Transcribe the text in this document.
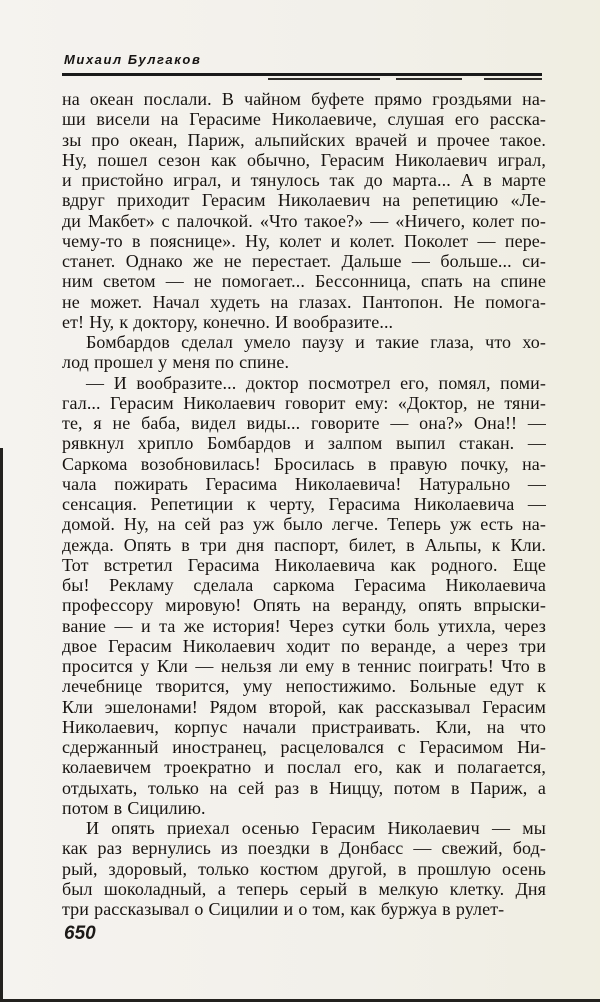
Михаил Булгаков
на океан послали. В чайном буфете прямо гроздьями на-
ши висели на Герасиме Николаевиче, слушая его расска-
зы про океан, Париж, альпийских врачей и прочее такое.
Ну, пошел сезон как обычно, Герасим Николаевич играл,
и пристойно играл, и тянулось так до марта... А в марте
вдруг приходит Герасим Николаевич на репетицию «Ле-
ди Макбет» с палочкой. «Что такое?» — «Ничего, колет по-
чему-то в пояснице». Ну, колет и колет. Поколет — пере-
станет. Однако же не перестает. Дальше — больше... си-
ним светом — не помогает... Бессонница, спать на спине
не может. Начал худеть на глазах. Пантопон. Не помога-
ет! Ну, к доктору, конечно. И вообразите...
Бомбардов сделал умело паузу и такие глаза, что хо-
лод прошел у меня по спине.
— И вообразите... доктор посмотрел его, помял, поми-
гал... Герасим Николаевич говорит ему: «Доктор, не тяни-
те, я не баба, видел виды... говорите — она?» Она!! —
рявкнул хрипло Бомбардов и залпом выпил стакан. —
Саркома возобновилась! Бросилась в правую почку, на-
чала пожирать Герасима Николаевича! Натурально —
сенсация. Репетиции к черту, Герасима Николаевича —
домой. Ну, на сей раз уж было легче. Теперь уж есть на-
дежда. Опять в три дня паспорт, билет, в Альпы, к Кли.
Тот встретил Герасима Николаевича как родного. Еще
бы! Рекламу сделала саркома Герасима Николаевича
профессору мировую! Опять на веранду, опять впрыски-
вание — и та же история! Через сутки боль утихла, через
двое Герасим Николаевич ходит по веранде, а через три
просится у Кли — нельзя ли ему в теннис поиграть! Что в
лечебнице творится, уму непостижимо. Больные едут к
Кли эшелонами! Рядом второй, как рассказывал Герасим
Николаевич, корпус начали пристраивать. Кли, на что
сдержанный иностранец, расцеловался с Герасимом Ни-
колаевичем троекратно и послал его, как и полагается,
отдыхать, только на сей раз в Ниццу, потом в Париж, а
потом в Сицилию.
И опять приехал осенью Герасим Николаевич — мы
как раз вернулись из поездки в Донбасс — свежий, бод-
рый, здоровый, только костюм другой, в прошлую осень
был шоколадный, а теперь серый в мелкую клетку. Дня
три рассказывал о Сицилии и о том, как буржуа в рулет-
650
